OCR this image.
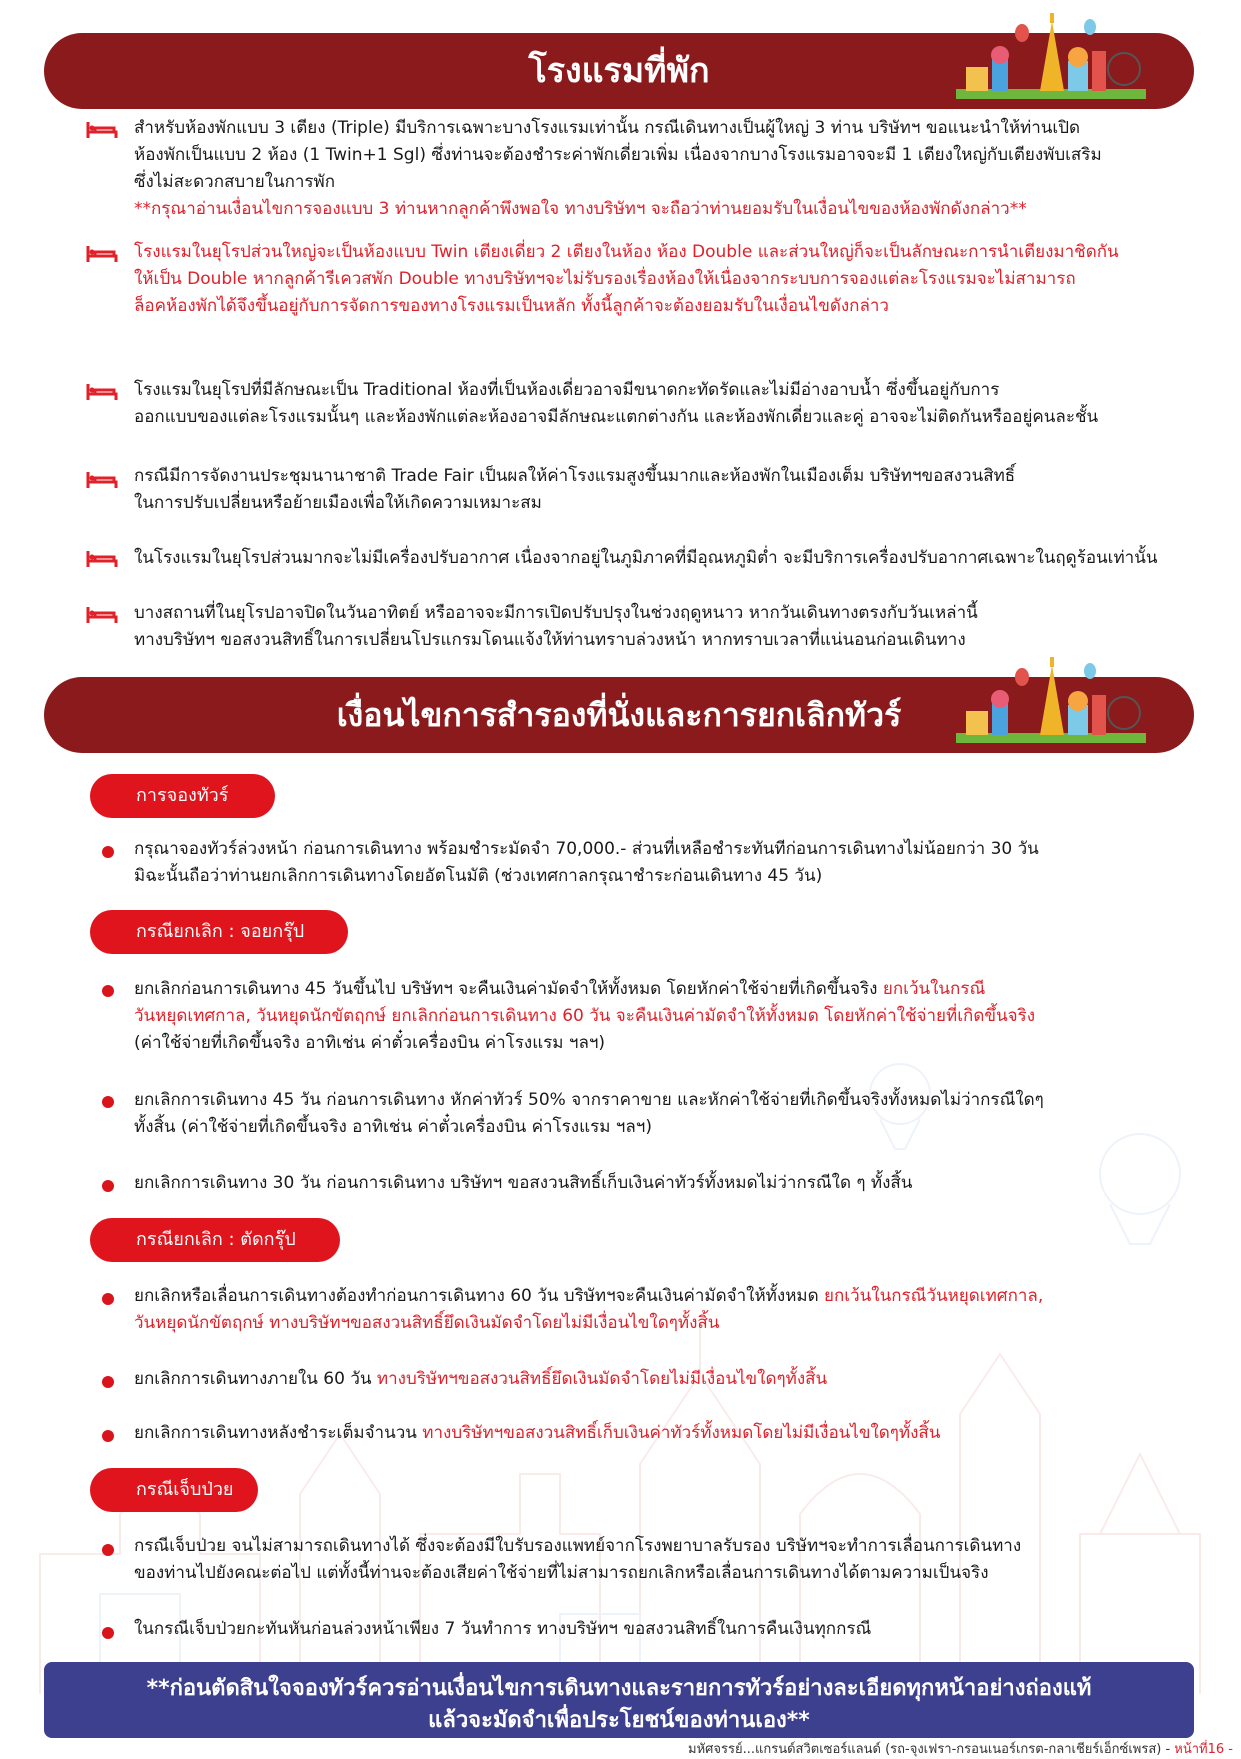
โรงแรมที่พัก
สำหรับห้องพักแบบ 3 เตียง (Triple) มีบริการเฉพาะบางโรงแรมเท่านั้น กรณีเดินทางเป็นผู้ใหญ่ 3 ท่าน บริษัทฯ ขอแนะนำให้ท่านเปิด
ห้องพักเป็นแบบ 2 ห้อง (1 Twin+1 Sgl) ซึ่งท่านจะต้องชำระค่าพักเดี่ยวเพิ่ม เนื่องจากบางโรงแรมอาจจะมี 1 เตียงใหญ่กับเตียงพับเสริม
ซึ่งไม่สะดวกสบายในการพัก
**กรุณาอ่านเงื่อนไขการจองแบบ 3 ท่านหากลูกค้าพึงพอใจ ทางบริษัทฯ จะถือว่าท่านยอมรับในเงื่อนไขของห้องพักดังกล่าว**
โรงแรมในยุโรปส่วนใหญ่จะเป็นห้องแบบ Twin เตียงเดี่ยว 2 เตียงในห้อง ห้อง Double และส่วนใหญ่ก็จะเป็นลักษณะการนำเตียงมาชิดกัน
ให้เป็น Double หากลูกค้ารีเควสพัก Double ทางบริษัทฯจะไม่รับรองเรื่องห้องให้เนื่องจากระบบการจองแต่ละโรงแรมจะไม่สามารถ
ล็อคห้องพักได้จึงขึ้นอยู่กับการจัดการของทางโรงแรมเป็นหลัก ทั้งนี้ลูกค้าจะต้องยอมรับในเงื่อนไขดังกล่าว
โรงแรมในยุโรปที่มีลักษณะเป็น Traditional ห้องที่เป็นห้องเดี่ยวอาจมีขนาดกะทัดรัดและไม่มีอ่างอาบน้ำ ซึ่งขึ้นอยู่กับการ
ออกแบบของแต่ละโรงแรมนั้นๆ และห้องพักแต่ละห้องอาจมีลักษณะแตกต่างกัน และห้องพักเดี่ยวและคู่ อาจจะไม่ติดกันหรืออยู่คนละชั้น
กรณีมีการจัดงานประชุมนานาชาติ Trade Fair เป็นผลให้ค่าโรงแรมสูงขึ้นมากและห้องพักในเมืองเต็ม บริษัทฯขอสงวนสิทธิ์
ในการปรับเปลี่ยนหรือย้ายเมืองเพื่อให้เกิดความเหมาะสม
ในโรงแรมในยุโรปส่วนมากจะไม่มีเครื่องปรับอากาศ เนื่องจากอยู่ในภูมิภาคที่มีอุณหภูมิต่ำ จะมีบริการเครื่องปรับอากาศเฉพาะในฤดูร้อนเท่านั้น
บางสถานที่ในยุโรปอาจปิดในวันอาทิตย์ หรืออาจจะมีการเปิดปรับปรุงในช่วงฤดูหนาว หากวันเดินทางตรงกับวันเหล่านี้
ทางบริษัทฯ ขอสงวนสิทธิ์ในการเปลี่ยนโปรแกรมโดนแจ้งให้ท่านทราบล่วงหน้า หากทราบเวลาที่แน่นอนก่อนเดินทาง
เงื่อนไขการสำรองที่นั่งและการยกเลิกทัวร์
การจองทัวร์
กรุณาจองทัวร์ล่วงหน้า ก่อนการเดินทาง พร้อมชำระมัดจำ 70,000.- ส่วนที่เหลือชำระทันทีก่อนการเดินทางไม่น้อยกว่า 30 วัน
มิฉะนั้นถือว่าท่านยกเลิกการเดินทางโดยอัตโนมัติ (ช่วงเทศกาลกรุณาชำระก่อนเดินทาง 45 วัน)
กรณียกเลิก : จอยกรุ๊ป
ยกเลิกก่อนการเดินทาง 45 วันขึ้นไป บริษัทฯ จะคืนเงินค่ามัดจำให้ทั้งหมด โดยหักค่าใช้จ่ายที่เกิดขึ้นจริง ยกเว้นในกรณี
วันหยุดเทศกาล, วันหยุดนักขัตฤกษ์ ยกเลิกก่อนการเดินทาง 60 วัน จะคืนเงินค่ามัดจำให้ทั้งหมด โดยหักค่าใช้จ่ายที่เกิดขึ้นจริง
(ค่าใช้จ่ายที่เกิดขึ้นจริง อาทิเช่น ค่าตั๋วเครื่องบิน ค่าโรงแรม ฯลฯ)
ยกเลิกการเดินทาง 45 วัน ก่อนการเดินทาง หักค่าทัวร์ 50% จากราคาขาย และหักค่าใช้จ่ายที่เกิดขึ้นจริงทั้งหมดไม่ว่ากรณีใดๆ
ทั้งสิ้น (ค่าใช้จ่ายที่เกิดขึ้นจริง อาทิเช่น ค่าตั๋วเครื่องบิน ค่าโรงแรม ฯลฯ)
ยกเลิกการเดินทาง 30 วัน ก่อนการเดินทาง บริษัทฯ ขอสงวนสิทธิ์เก็บเงินค่าทัวร์ทั้งหมดไม่ว่ากรณีใด ๆ ทั้งสิ้น
กรณียกเลิก : ตัดกรุ๊ป
ยกเลิกหรือเลื่อนการเดินทางต้องทำก่อนการเดินทาง 60 วัน บริษัทฯจะคืนเงินค่ามัดจำให้ทั้งหมด ยกเว้นในกรณีวันหยุดเทศกาล,
วันหยุดนักขัตฤกษ์ ทางบริษัทฯขอสงวนสิทธิ์ยึดเงินมัดจำโดยไม่มีเงื่อนไขใดๆทั้งสิ้น
ยกเลิกการเดินทางภายใน 60 วัน ทางบริษัทฯขอสงวนสิทธิ์ยึดเงินมัดจำโดยไม่มีเงื่อนไขใดๆทั้งสิ้น
ยกเลิกการเดินทางหลังชำระเต็มจำนวน ทางบริษัทฯขอสงวนสิทธิ์เก็บเงินค่าทัวร์ทั้งหมดโดยไม่มีเงื่อนไขใดๆทั้งสิ้น
กรณีเจ็บป่วย
กรณีเจ็บป่วย จนไม่สามารถเดินทางได้ ซึ่งจะต้องมีใบรับรองแพทย์จากโรงพยาบาลรับรอง บริษัทฯจะทำการเลื่อนการเดินทาง
ของท่านไปยังคณะต่อไป แต่ทั้งนี้ท่านจะต้องเสียค่าใช้จ่ายที่ไม่สามารถยกเลิกหรือเลื่อนการเดินทางได้ตามความเป็นจริง
ในกรณีเจ็บป่วยกะทันหันก่อนล่วงหน้าเพียง 7 วันทำการ ทางบริษัทฯ ขอสงวนสิทธิ์ในการคืนเงินทุกกรณี
**ก่อนตัดสินใจจองทัวร์ควรอ่านเงื่อนไขการเดินทางและรายการทัวร์อย่างละเอียดทุกหน้าอย่างถ่องแท้
แล้วจะมัดจำเพื่อประโยชน์ของท่านเอง**
มหัศจรรย์...แกรนด์สวิตเซอร์แลนด์ (รถ-จุงเฟรา-กรอนเนอร์เกรต-กลาเชียร์เอ็กซ์เพรส) - หน้าที่16 -
